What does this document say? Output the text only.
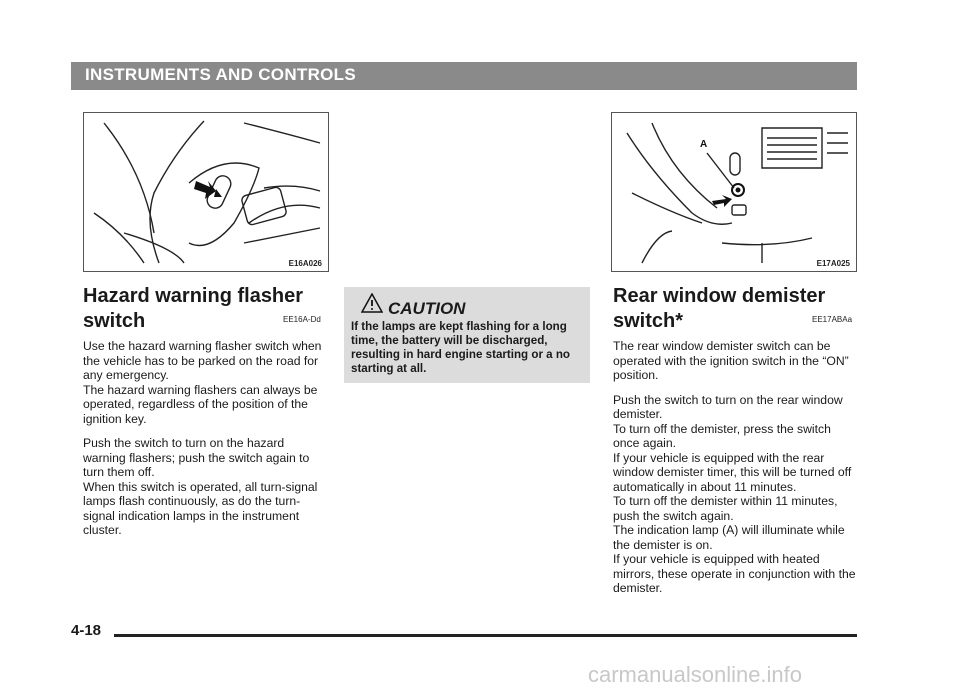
INSTRUMENTS AND CONTROLS
E16A026
A
E17A025
Hazard warning flasher
switch	EE16A-Dd

Use the hazard warning flasher switch when the vehicle has to be parked on the road for any emergency.

The hazard warning flashers can always be operated, regardless of the position of the ignition key.

Push the switch to turn on the hazard warning flashers; push the switch again to turn them off.

When this switch is operated, all turn-signal lamps flash continuously, as do the turn-signal indication lamps in the instrument cluster.

CAUTION
If the lamps are kept flashing for a long time, the battery will be discharged, resulting in hard engine starting or a no starting at all.
Rear window demister
switch*	EE17ABAa

The rear window demister switch can be operated with the ignition switch in the “ON” position.

Push the switch to turn on the rear window demister.

To turn off the demister, press the switch once again.

If your vehicle is equipped with the rear window demister timer, this will be turned off automatically in about 11 minutes.

To turn off the demister within 11 minutes, push the switch again.

The indication lamp (A) will illuminate while the demister is on.

If your vehicle is equipped with heated mirrors, these operate in conjunction with the demister.

4-18
carmanualsonline.info
